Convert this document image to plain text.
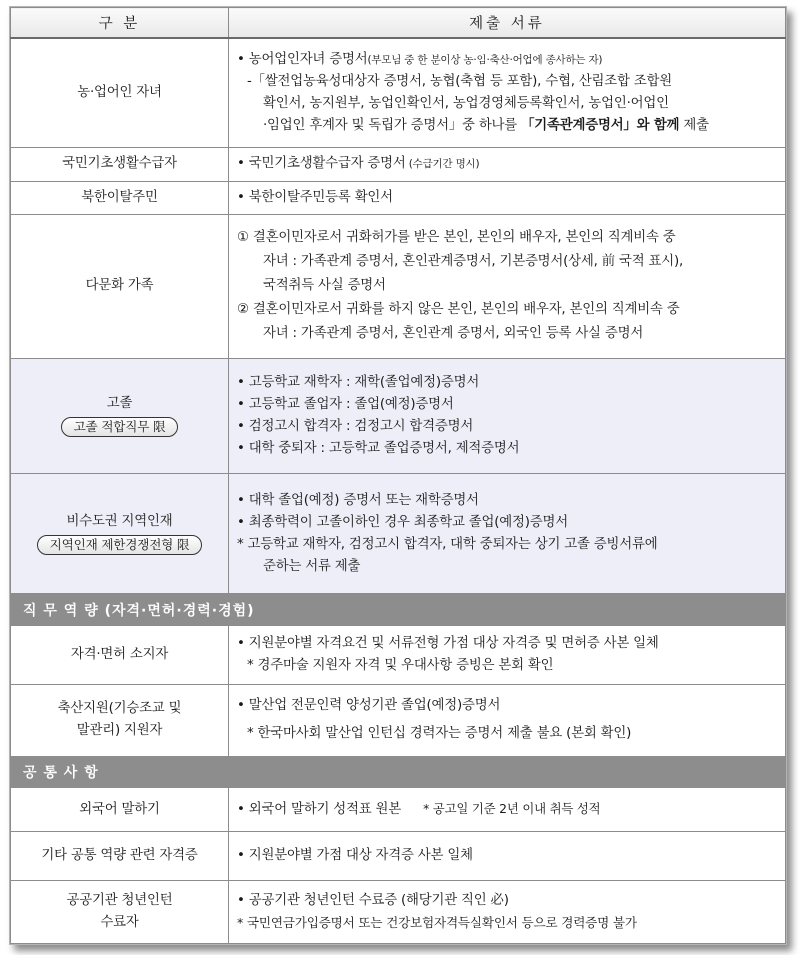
구 분	제출 서류
농·업어인 자녀	• 농어업인자녀 증명서(부모님 중 한 분이상 농·임·축산·어업에 종사하는 자)
-「쌀전업농육성대상자 증명서, 농협(축협 등 포함), 수협, 산림조합 조합원
확인서, 농지원부, 농업인확인서, 농업경영체등록확인서, 농업인·어업인
·임업인 후계자 및 독립가 증명서」중 하나를 「기족관계증명서」와 함께 제출

국민기초생활수급자	• 국민기초생활수급자 증명서 (수급기간 명시)
북한이탈주민	• 북한이탈주민등록 확인서
다문화 가족	① 결혼이민자로서 귀화허가를 받은 본인, 본인의 배우자, 본인의 직계비속 중
자녀 : 가족관계 증명서, 혼인관계증명서, 기본증명서(상세, 前 국적 표시),
국적취득 사실 증명서
② 결혼이민자로서 귀화를 하지 않은 본인, 본인의 배우자, 본인의 직계비속 중
자녀 : 가족관계 증명서, 혼인관계 증명서, 외국인 등록 사실 증명서

고졸
고졸 적합직무 限	• 고등학교 재학자 : 재학(졸업예정)증명서
• 고등학교 졸업자 : 졸업(예정)증명서
• 검정고시 합격자 : 검정고시 합격증명서
• 대학 중퇴자 : 고등학교 졸업증명서, 제적증명서

비수도권 지역인재
지역인재 제한경쟁전형 限	• 대학 졸업(예정) 증명서 또는 재학증명서
• 최종학력이 고졸이하인 경우 최종학교 졸업(예정)증명서
* 고등학교 재학자, 검정고시 합격자, 대학 중퇴자는 상기 고졸 증빙서류에
준하는 서류 제출

직 무 역 량 (자격·면허·경력·경험)	
자격·면허 소지자	• 지원분야별 자격요건 및 서류전형 가점 대상 자격증 및 면허증 사본 일체
* 경주마술 지원자 자격 및 우대사항 증빙은 본회 확인

축산지원(기승조교 및
말관리) 지원자	• 말산업 전문인력 양성기관 졸업(예정)증명서
* 한국마사회 말산업 인턴십 경력자는 증명서 제출 불요 (본회 확인)

공 통 사 항	
외국어 말하기	• 외국어 말하기 성적표 원본 * 공고일 기준 2년 이내 취득 성적
기타 공통 역량 관련 자격증	• 지원분야별 가점 대상 자격증 사본 일체

공공기관 청년인턴
수료자	• 공공기관 청년인턴 수료증 (해당기관 직인 必)
* 국민연금가입증명서 또는 건강보험자격득실확인서 등으로 경력증명 불가
